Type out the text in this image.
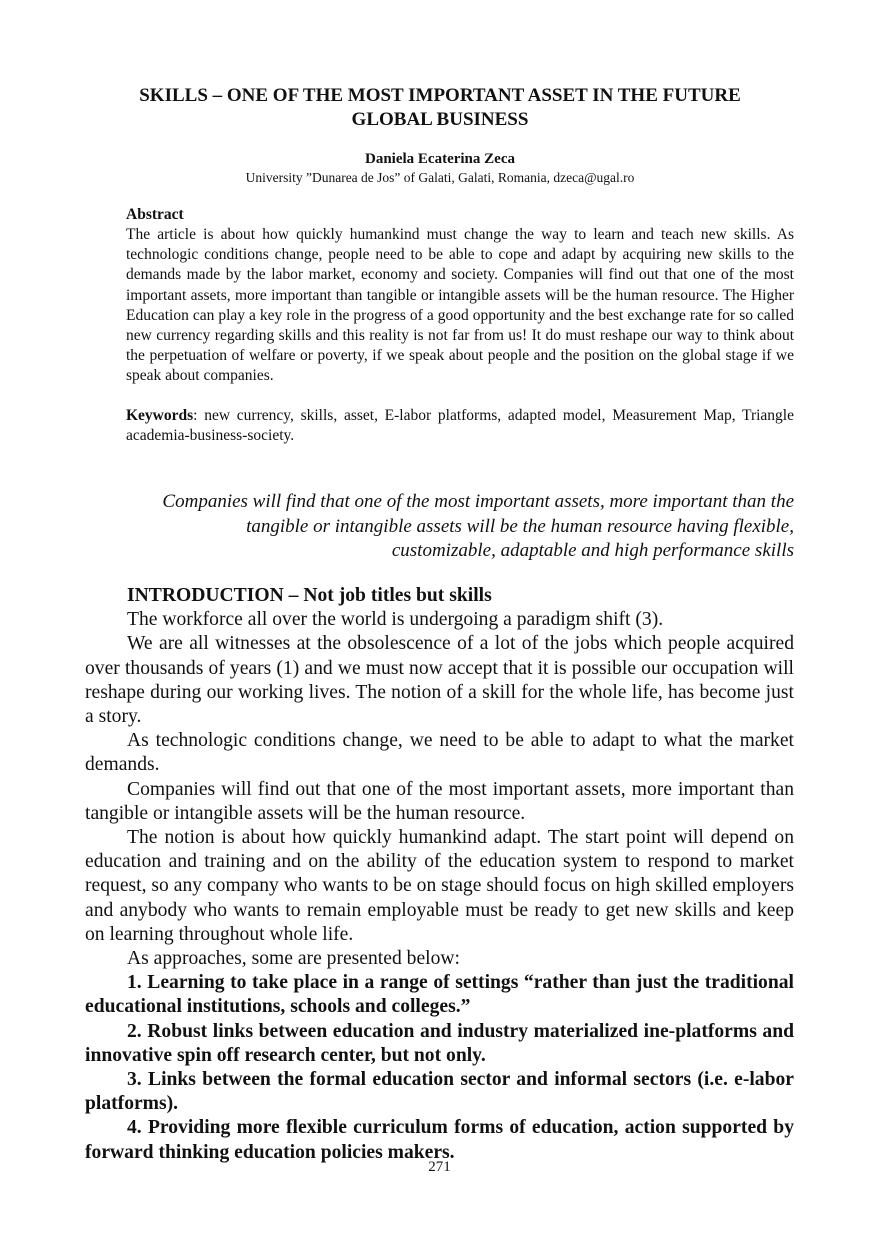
SKILLS – ONE OF THE MOST IMPORTANT ASSET IN THE FUTURE
GLOBAL BUSINESS
Daniela Ecaterina Zeca
University ”Dunarea de Jos” of Galati, Galati, Romania, dzeca@ugal.ro
Abstract

The article is about how quickly humankind must change the way to learn and teach new skills. As technologic conditions change, people need to be able to cope and adapt by acquiring new skills to the demands made by the labor market, economy and society. Companies will find out that one of the most important assets, more important than tangible or intangible assets will be the human resource. The Higher Education can play a key role in the progress of a good opportunity and the best exchange rate for so called new currency regarding skills and this reality is not far from us! It do must reshape our way to think about the perpetuation of welfare or poverty, if we speak about people and the position on the global stage if we speak about companies.

Keywords: new currency, skills, asset, E-labor platforms, adapted model, Measurement Map, Triangle academia-business-society.
Companies will find that one of the most important assets, more important than the
tangible or intangible assets will be the human resource having flexible,
customizable, adaptable and high performance skills
INTRODUCTION – Not job titles but skills

The workforce all over the world is undergoing a paradigm shift (3).

We are all witnesses at the obsolescence of a lot of the jobs which people acquired over thousands of years (1) and we must now accept that it is possible our occupation will reshape during our working lives. The notion of a skill for the whole life, has become just a story.

As technologic conditions change, we need to be able to adapt to what the market demands.

Companies will find out that one of the most important assets, more important than tangible or intangible assets will be the human resource.

The notion is about how quickly humankind adapt. The start point will depend on education and training and on the ability of the education system to respond to market request, so any company who wants to be on stage should focus on high skilled employers and anybody who wants to remain employable must be ready to get new skills and keep on learning throughout whole life.

As approaches, some are presented below:

1. Learning to take place in a range of settings “rather than just the traditional educational institutions, schools and colleges.”

2. Robust links between education and industry materialized ine-platforms and innovative spin off research center, but not only.

3. Links between the formal education sector and informal sectors (i.e. e-labor platforms).

4. Providing more flexible curriculum forms of education, action supported by forward thinking education policies makers.

271
